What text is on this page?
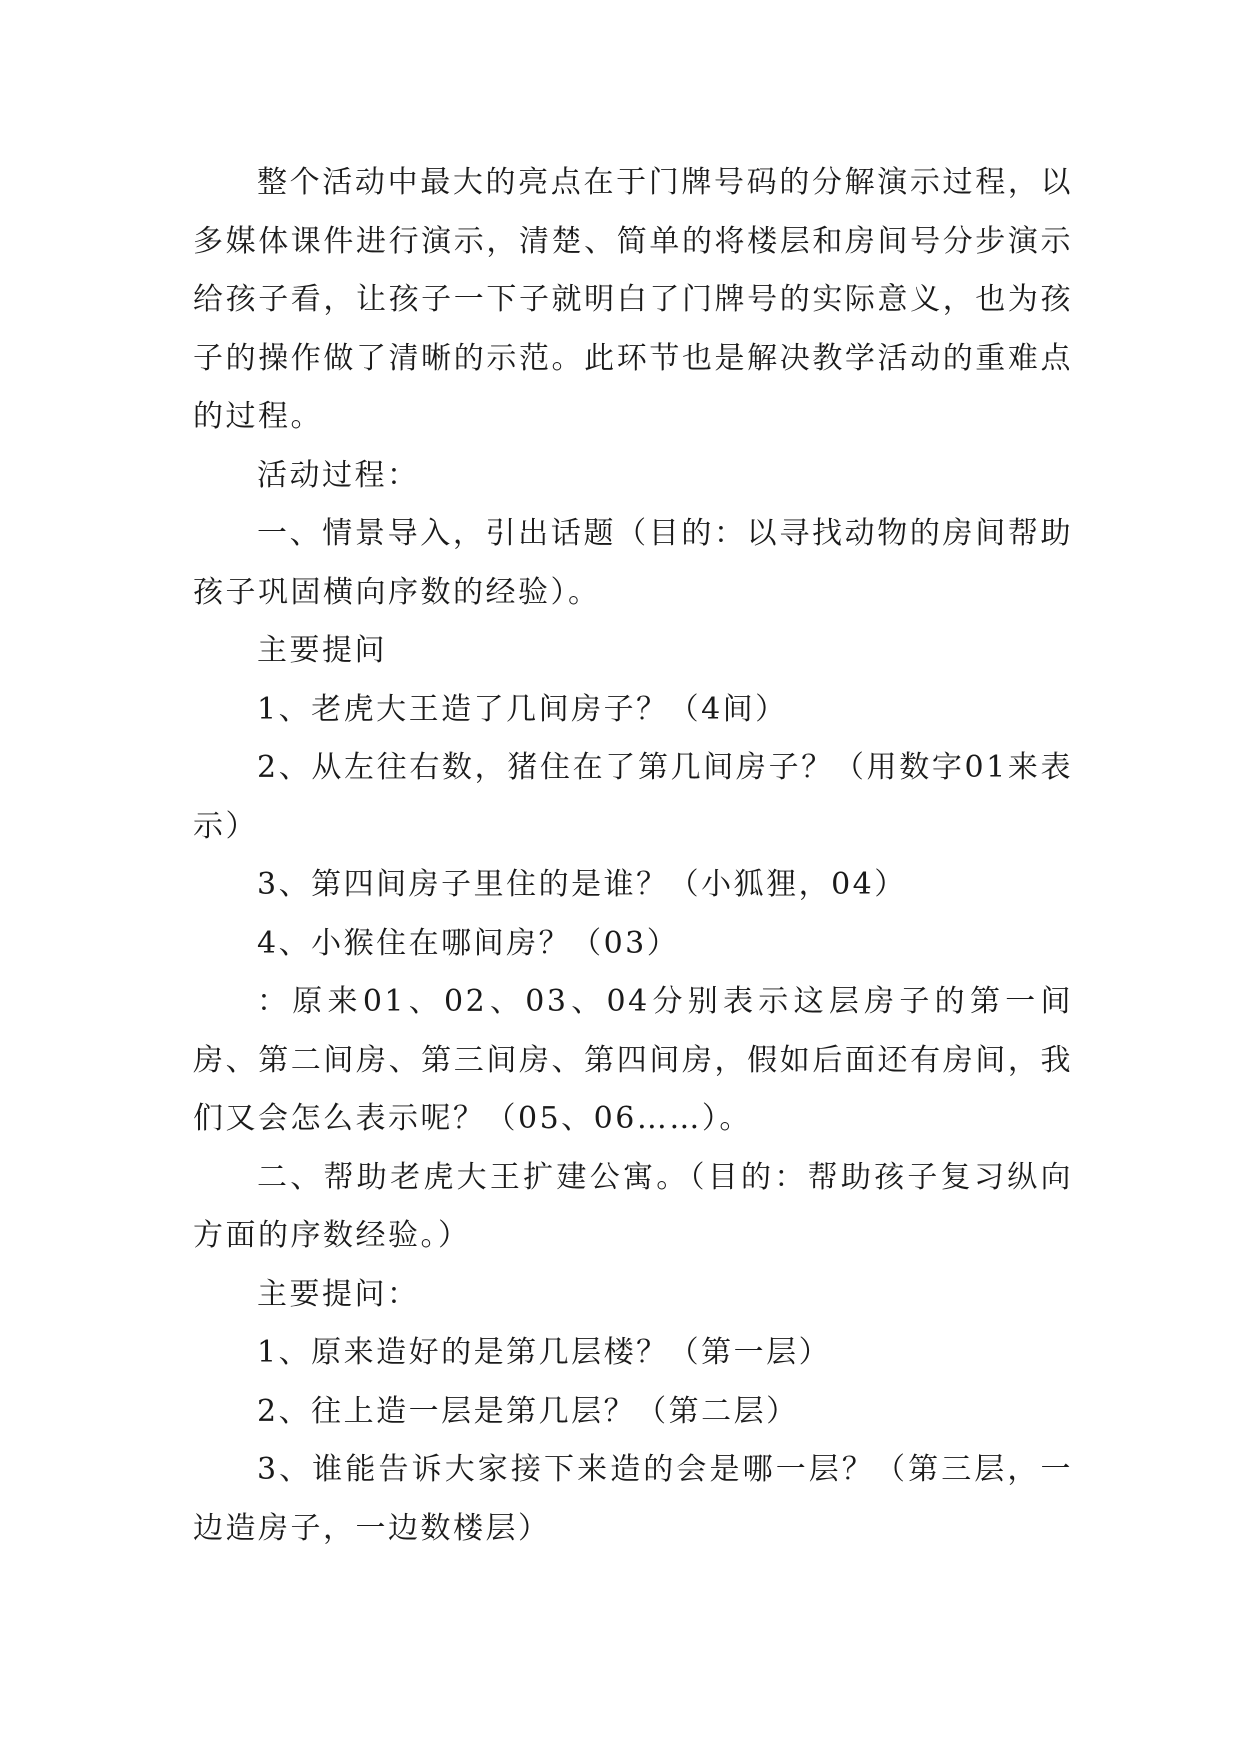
整个活动中最大的亮点在于门牌号码的分解演示过程，以多媒体课件进行演示，清楚、简单的将楼层和房间号分步演示给孩子看，让孩子一下子就明白了门牌号的实际意义，也为孩子的操作做了清晰的示范。此环节也是解决教学活动的重难点的过程。

活动过程：

一、情景导入，引出话题（目的：以寻找动物的房间帮助孩子巩固横向序数的经验）。

主要提问

1、老虎大王造了几间房子？（4间）

2、从左往右数，猪住在了第几间房子？（用数字01来表示）

3、第四间房子里住的是谁？（小狐狸，04）

4、小猴住在哪间房？（03）

：原来01、02、03、04分别表示这层房子的第一间房、第二间房、第三间房、第四间房，假如后面还有房间，我们又会怎么表示呢？（05、06……）。

二、帮助老虎大王扩建公寓。（目的：帮助孩子复习纵向方面的序数经验。）

主要提问：

1、原来造好的是第几层楼？（第一层）

2、往上造一层是第几层？（第二层）

3、谁能告诉大家接下来造的会是哪一层？（第三层，一边造房子，一边数楼层）
